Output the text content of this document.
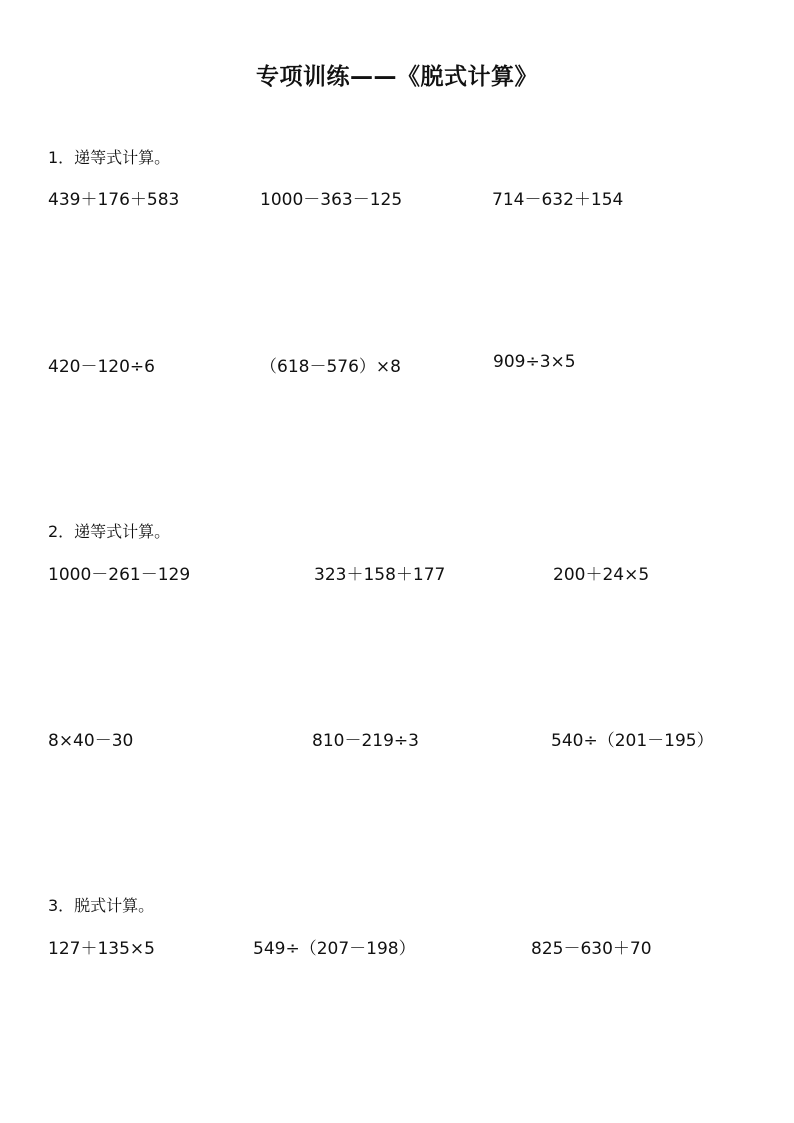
专项训练——《脱式计算》
1．递等式计算。
439＋176＋583	1000－363－125	714－632＋154
420－120÷6	（618－576）×8	909÷3×5
2．递等式计算。
1000－261－129	323＋158＋177	200＋24×5
8×40－30	810－219÷3	540÷（201－195）
3．脱式计算。
127＋135×5	549÷（207－198）	825－630＋70
